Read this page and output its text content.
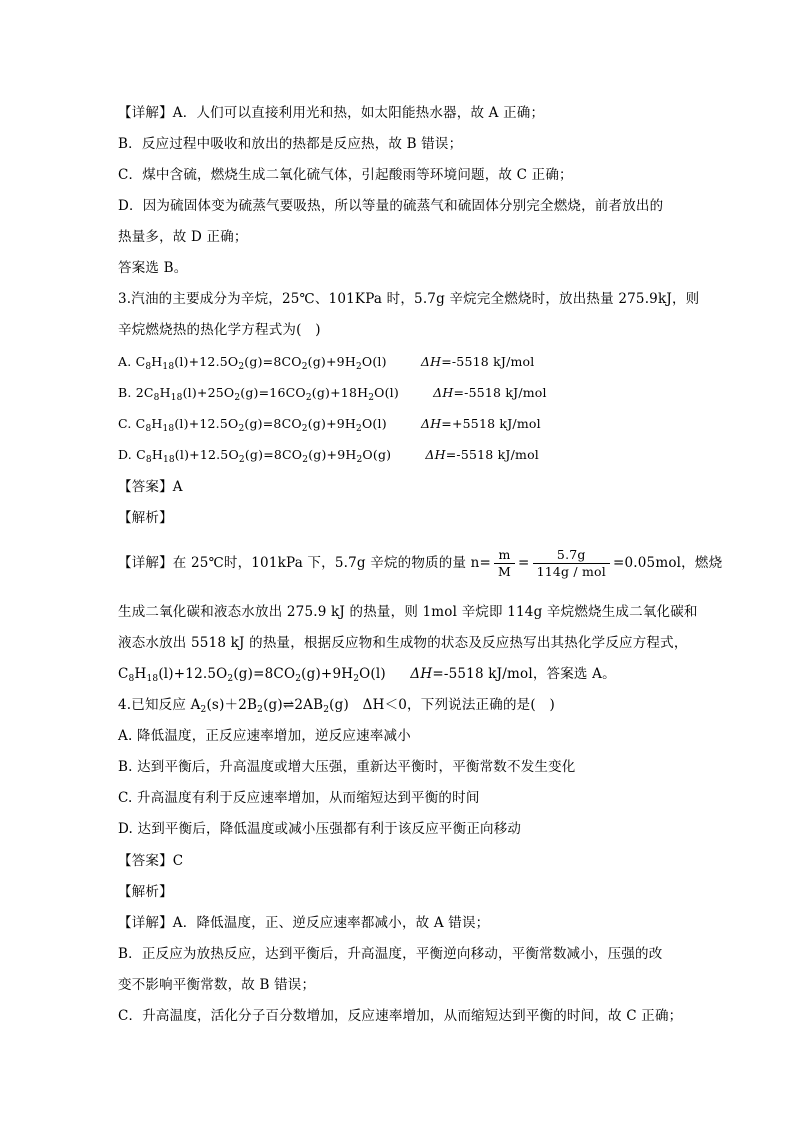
【详解】A．人们可以直接利用光和热，如太阳能热水器，故 A 正确；
B．反应过程中吸收和放出的热都是反应热，故 B 错误；
C．煤中含硫，燃烧生成二氧化硫气体，引起酸雨等环境问题，故 C 正确；
D．因为硫固体变为硫蒸气要吸热，所以等量的硫蒸气和硫固体分别完全燃烧，前者放出的
热量多，故 D 正确；
答案选 B。
3.汽油的主要成分为辛烷，25℃、101KPa 时，5.7g 辛烷完全燃烧时，放出热量 275.9kJ，则
辛烷燃烧热的热化学方程式为(　)
A. $C_8H_{18}(l)+12.5O_2(g)=8CO_2(g)+9H_2O(l)$	ΔH=-5518 kJ/mol
B. $2C_8H_{18}(l)+25O_2(g)=16CO_2(g)+18H_2O(l)$	ΔH=-5518 kJ/mol
C. $C_8H_{18}(l)+12.5O_2(g)=8CO_2(g)+9H_2O(l)$	ΔH=+5518 kJ/mol
D. $C_8H_{18}(l)+12.5O_2(g)=8CO_2(g)+9H_2O(g)$	ΔH=-5518 kJ/mol
【答案】A
【解析】
【详解】在 25℃时，101kPa 下，5.7g 辛烷的物质的量 $n= \frac{m}{M} = \frac{5.7g}{\text{114g / mol}} =0.05mol$，燃烧
生成二氧化碳和液态水放出 275.9 kJ 的热量，则 1mol 辛烷即 114g 辛烷燃烧生成二氧化碳和
液态水放出 5518 kJ 的热量，根据反应物和生成物的状态及反应热写出其热化学反应方程式，
$C_8H_{18}(l)+12.5O_2(g)=8CO_2(g)+9H_2O(l)$ ΔH=-5518 kJ/mol，答案选 A。
4.已知反应 $A_2(s)+2B_2(g)\rightleftharpoons 2AB_2(g)$　ΔH＜0，下列说法正确的是(　)
A. 降低温度，正反应速率增加，逆反应速率减小
B. 达到平衡后，升高温度或增大压强，重新达平衡时，平衡常数不发生变化
C. 升高温度有利于反应速率增加，从而缩短达到平衡的时间
D. 达到平衡后，降低温度或减小压强都有利于该反应平衡正向移动
【答案】C
【解析】
【详解】A．降低温度，正、逆反应速率都减小，故 A 错误；
B．正反应为放热反应，达到平衡后，升高温度，平衡逆向移动，平衡常数减小，压强的改
变不影响平衡常数，故 B 错误；
C．升高温度，活化分子百分数增加，反应速率增加，从而缩短达到平衡的时间，故 C 正确；
